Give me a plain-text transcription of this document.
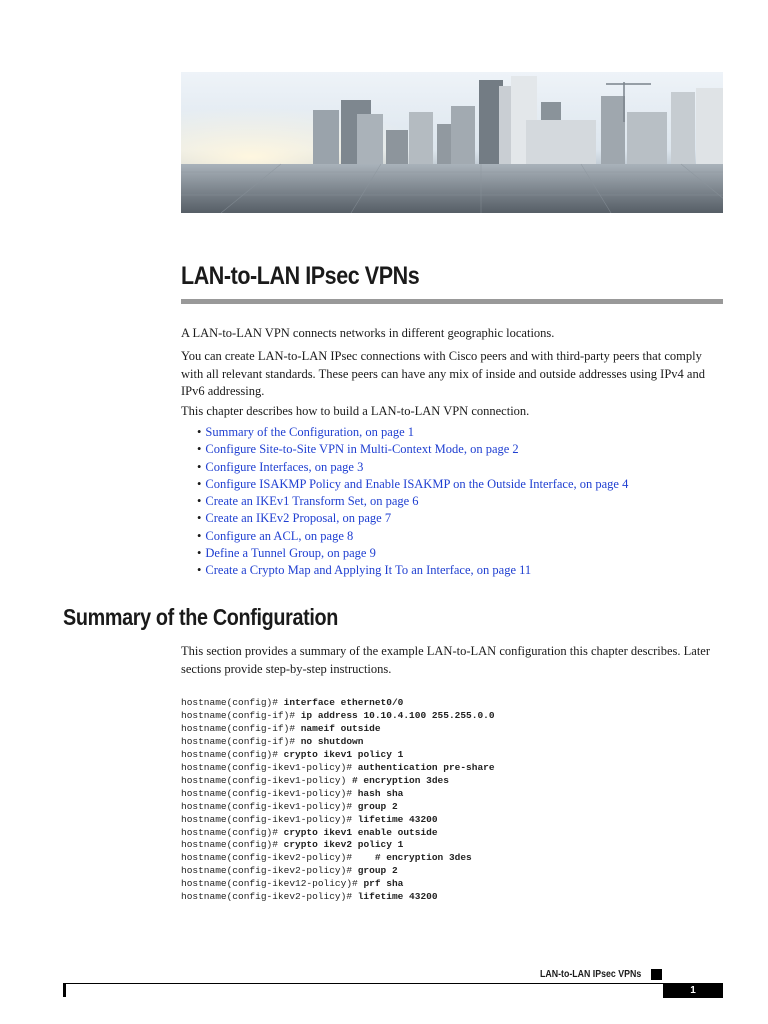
LAN-to-LAN IPsec VPNs

A LAN-to-LAN VPN connects networks in different geographic locations.

You can create LAN-to-LAN IPsec connections with Cisco peers and with third-party peers that comply with all relevant standards. These peers can have any mix of inside and outside addresses using IPv4 and IPv6 addressing.

This chapter describes how to build a LAN-to-LAN VPN connection.

• Summary of the Configuration, on page 1
• Configure Site-to-Site VPN in Multi-Context Mode, on page 2
• Configure Interfaces, on page 3
• Configure ISAKMP Policy and Enable ISAKMP on the Outside Interface, on page 4
• Create an IKEv1 Transform Set, on page 6
• Create an IKEv2 Proposal, on page 7
• Configure an ACL, on page 8
• Define a Tunnel Group, on page 9
• Create a Crypto Map and Applying It To an Interface, on page 11
Summary of the Configuration

This section provides a summary of the example LAN-to-LAN configuration this chapter describes. Later sections provide step-by-step instructions.

hostname(config)# interface ethernet0/0
hostname(config-if)# ip address 10.10.4.100 255.255.0.0
hostname(config-if)# nameif outside
hostname(config-if)# no shutdown
hostname(config)# crypto ikev1 policy 1
hostname(config-ikev1-policy)# authentication pre-share
hostname(config-ikev1-policy) # encryption 3des
hostname(config-ikev1-policy)# hash sha
hostname(config-ikev1-policy)# group 2
hostname(config-ikev1-policy)# lifetime 43200
hostname(config)# crypto ikev1 enable outside
hostname(config)# crypto ikev2 policy 1
hostname(config-ikev2-policy)#    # encryption 3des
hostname(config-ikev2-policy)# group 2
hostname(config-ikev12-policy)# prf sha
hostname(config-ikev2-policy)# lifetime 43200
LAN-to-LAN IPsec VPNs
1
